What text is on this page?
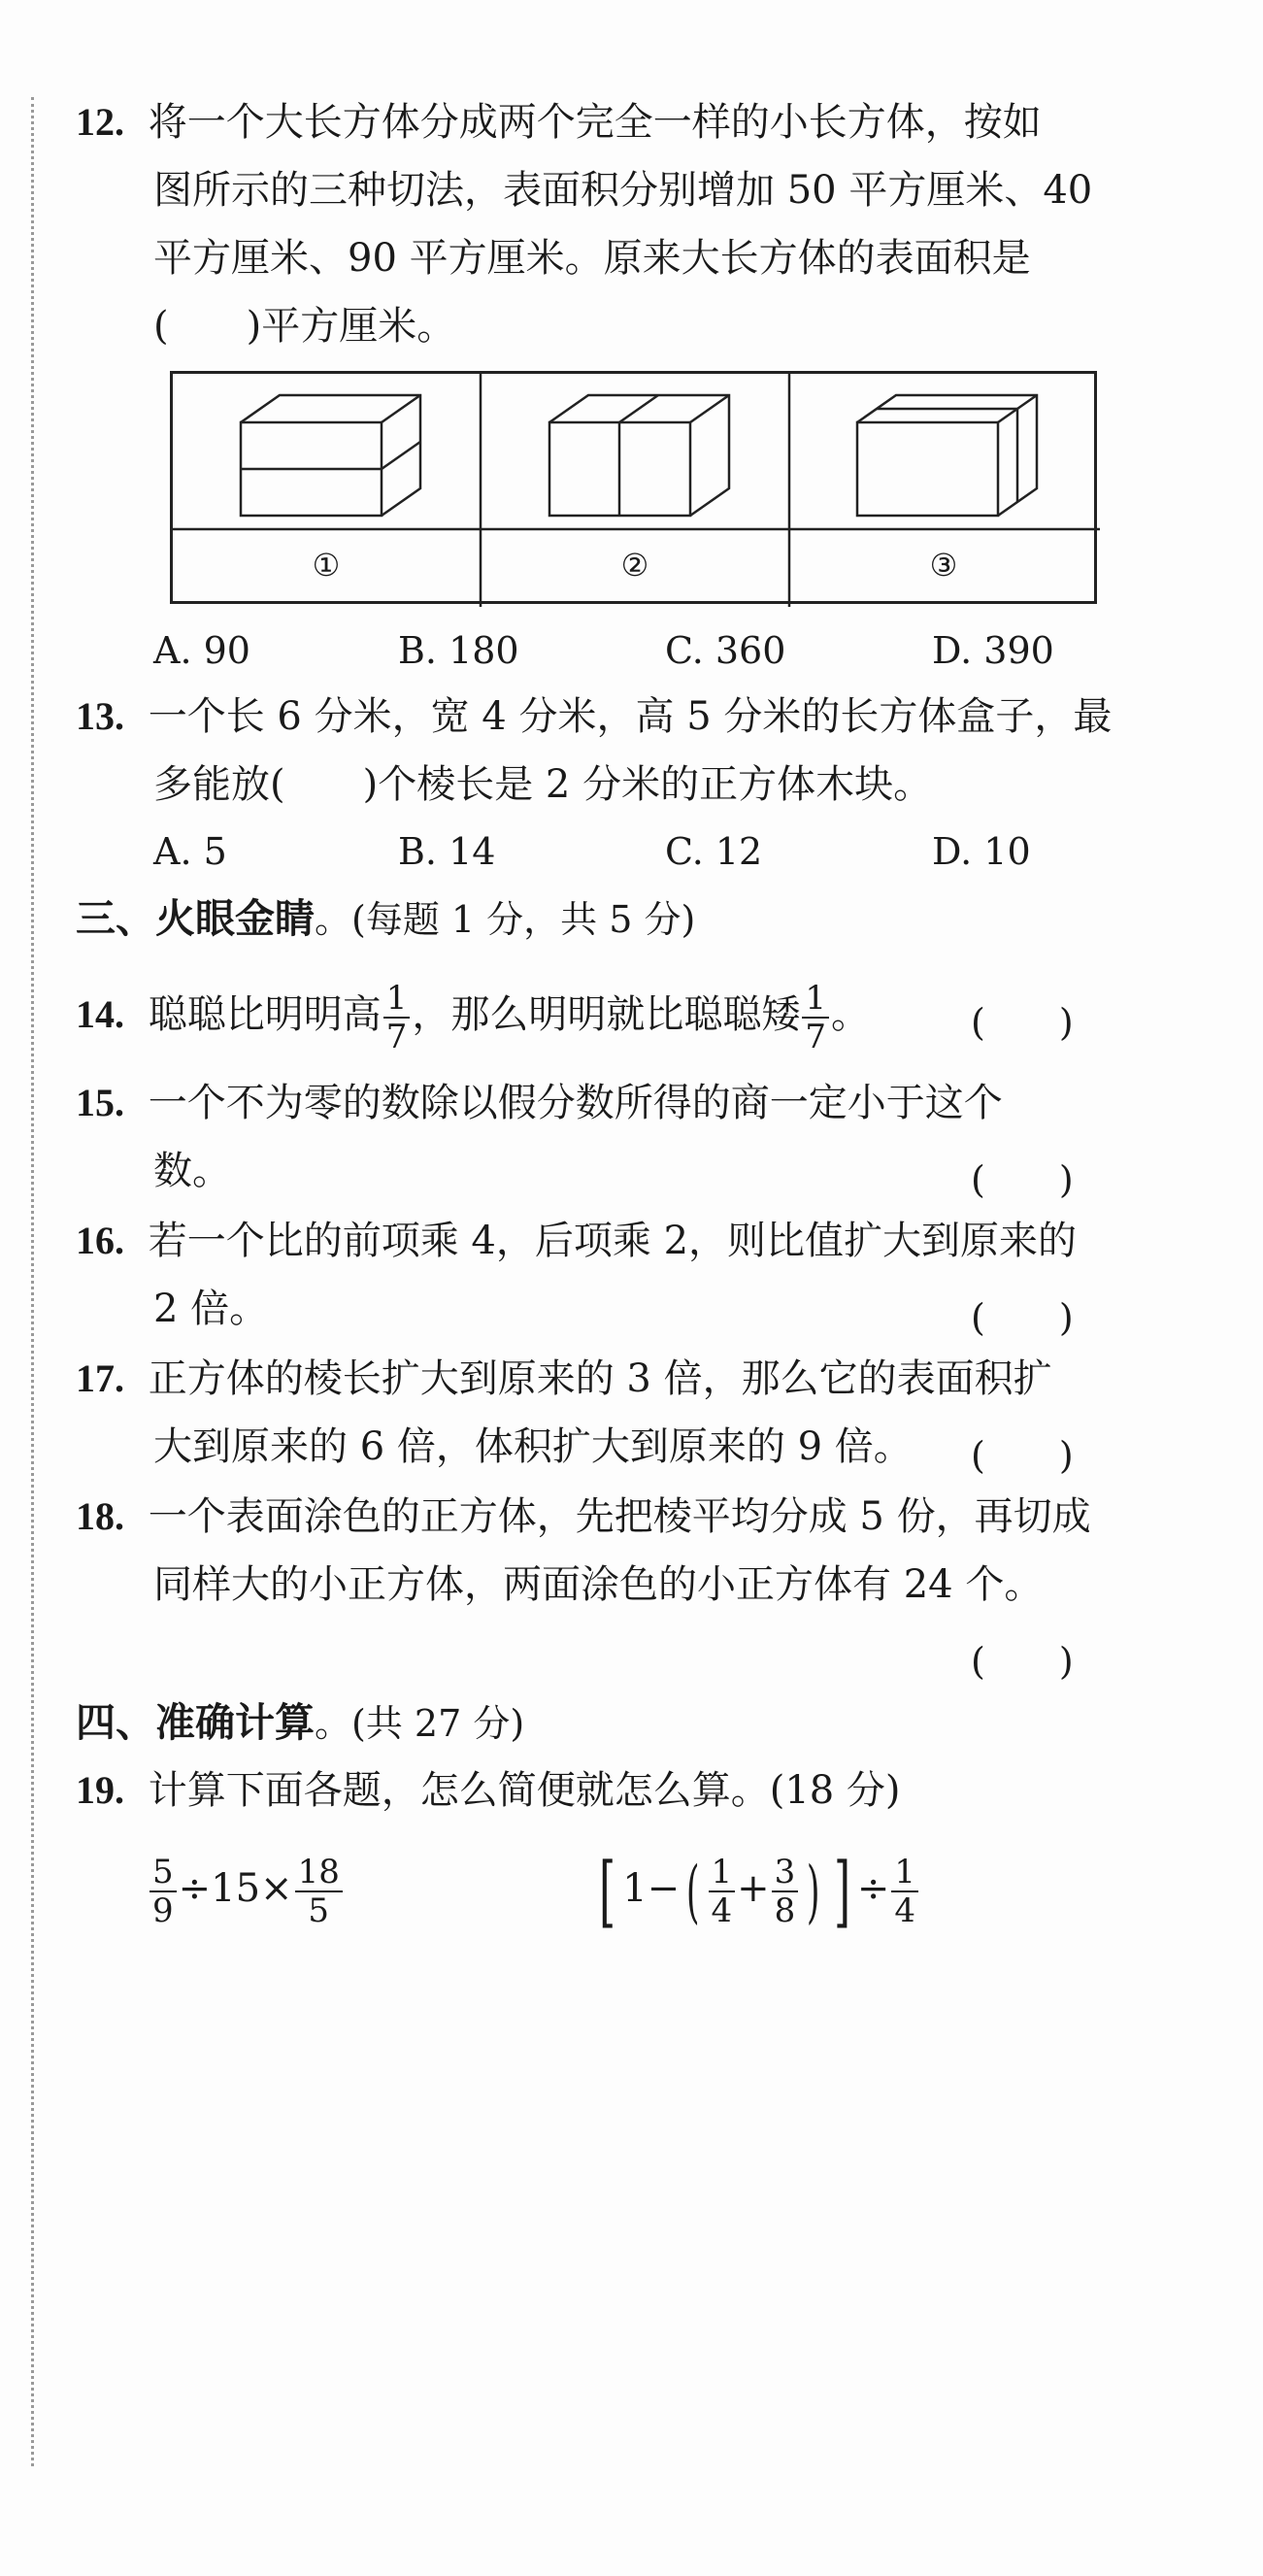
12. 将一个大长方体分成两个完全一样的小长方体，按如
图所示的三种切法，表面积分别增加 50 平方厘米、40
平方厘米、90 平方厘米。原来大长方体的表面积是
(　　)平方厘米。
①	②	③
A. 90	B. 180	C. 360	D. 390
13. 一个长 6 分米，宽 4 分米，高 5 分米的长方体盒子，最
多能放(　　)个棱长是 2 分米的正方体木块。
A. 5	B. 14	C. 12	D. 10
三、火眼金睛。(每题 1 分，共 5 分)
14. 聪聪比明明高 $\frac{1}{7}$ ，那么明明就比聪聪矮 $\frac{1}{7}$ 。	(　　)
15. 一个不为零的数除以假分数所得的商一定小于这个
数。	(　　)
16. 若一个比的前项乘 4，后项乘 2，则比值扩大到原来的
2 倍。	(　　)
17. 正方体的棱长扩大到原来的 3 倍，那么它的表面积扩
大到原来的 6 倍，体积扩大到原来的 9 倍。 (　　)
18. 一个表面涂色的正方体，先把棱平均分成 5 份，再切成
同样大的小正方体，两面涂色的小正方体有 24 个。
(　　)
四、准确计算。(共 27 分)
19. 计算下面各题，怎么简便就怎么算。(18 分)
$\frac{5}{9} \div 15\times \frac{18}{5}$	[ $1-( \frac{1}{4} + \frac{3}{8}$ ) ] ÷ $\frac{1}{4}$
